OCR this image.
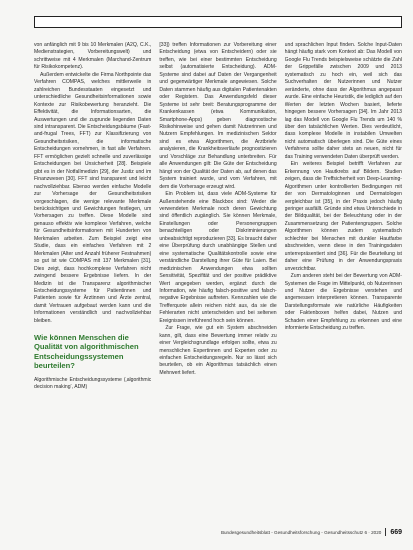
von anfänglich mit 9 bis 10 Merkmalen (A2Q, C.K., Medienstrategien, Vorbereitungswelt) und schrittweise mit 4 Merkmalen (Marchand-Zentrum für Risikokompetenz).

Außerdem entwickelte die Firma Northpointe das Verfahren COMPAS, welches mittlerweile in zahlreichen Bundesstaaten eingesetzt und unterschiedliche Gesundheitsinformationen sowie Kontexte zur Risikobewertung heranzieht. Die Effektivität, die Informationsarten, die Auswertungen und die zugrunde liegenden Daten sind intransparent. Die Entscheidungsbäume (Fast-and-frugal Trees, FFT) zur Klassifizierung von Gesundheitsrisiken, die informatische Entscheidungen vornehmen, in fast alle Verfahren. FFT ermöglichen gezielt schnelle und zuverlässige Entscheidungen bei Unsicherheit [28]. Beispiele gibt es in der Notfallmedizin [29], der Justiz und im Finanzwesen [30]. FFT sind transparent und leicht nachvollziehbar. Ebenso werden einfache Modelle zur Vorhersage der Gesundheitsrisiken vorgeschlagen, die wenige relevante Merkmale berücksichtigen und Gewichtungen festlegen, um Vorhersagen zu treffen. Diese Modelle sind genauso effektiv wie komplexe Verfahren, welche für Gesundheitsinformationen mit Hunderten von Merkmalen arbeiten. Zum Beispiel zeigt eine Studie, dass ein einfaches Verfahren mit 2 Merkmalen (Alter und Anzahl früherer Festnahmen) so gut ist wie COMPAS mit 137 Merkmalen [31]. Dies zeigt, dass hochkomplexe Verfahren nicht zwingend bessere Ergebnisse liefern. In der Medizin ist die Transparenz algorithmischer Entscheidungssysteme für Patientinnen und Patienten sowie für Ärztinnen und Ärzte zentral, damit Vertrauen aufgebaut werden kann und die Informationen verständlich und nachvollziehbar bleiben.

Wie können Menschen die Qualität von algorithmischen Entscheidungssystemen beurteilen?

Algorithmische Entscheidungssysteme (‚algorithmic decision making‘, ADM)

[33]) treffen Informationen zur Vorbereitung einer Entscheidung (etwa von Entscheidern) oder sie treffen, wie bei einer bestimmten Entscheidung selbst (automatisierte Entscheidung). ADM-Systeme sind dabei auf Daten der Vergangenheit und gegenwärtiger Merkmale angewiesen. Solche Daten stammen häufig aus digitalen Patientenakten oder Registern. Das Anwendungsfeld dieser Systeme ist sehr breit: Beratungsprogramme der Krankenkassen (etwa Kommunikation, Smartphone-Apps) geben diagnostische Risikohinweise und gehen damit Nutzerinnen und Nutzern Empfehlungen. Im medizinischen Sektor sind es etwa Algorithmen, die Arztbriefe analysieren, die Krankheitsverläufe prognostizieren und Vorschläge zur Behandlung unterbreiten. Für alle Anwendungen gilt: Die Güte der Entscheidung hängt von der Qualität der Daten ab, auf denen das System trainiert wurde, und vom Verfahren, mit dem die Vorhersage erzeugt wird.

Ein Problem ist, dass viele ADM-Systeme für Außenstehende eine Blackbox sind: Weder die verwendeten Merkmale noch deren Gewichtung sind öffentlich zugänglich. Sie können Merkmale, Einstellungen oder Personengruppen benachteiligen oder Diskriminierungen unbeabsichtigt reproduzieren [33]. Es braucht daher eine Überprüfung durch unabhängige Stellen und eine systematische Qualitätskontrolle sowie eine verständliche Darstellung ihrer Güte für Laien. Bei medizinischen Anwendungen etwa sollten Sensitivität, Spezifität und der positive prädiktive Wert angegeben werden, ergänzt durch die Information, wie häufig falsch-positive und falsch-negative Ergebnisse auftreten. Kennzahlen wie die Trefferquote allein reichen nicht aus, da sie die Fehlerarten nicht unterscheiden und bei seltenen Ereignissen irreführend hoch sein können.

Zur Frage, wie gut ein System abschneiden kann, gilt, dass eine Bewertung immer relativ zu einer Vergleichsgrundlage erfolgen sollte, etwa zu menschlichen Expertinnen und Experten oder zu einfachen Entscheidungsregeln. Nur so lässt sich beurteilen, ob ein Algorithmus tatsächlich einen Mehrwert liefert.

und sprachlichen Input finden. Solche Input-Daten hängt häufig stark vom Kontext ab: Das Modell von Google Flu Trends beispielsweise schätzte die Zahl der Grippefälle zwischen 2009 und 2013 systematisch zu hoch ein, weil sich das Suchverhalten der Nutzerinnen und Nutzer veränderte, ohne dass der Algorithmus angepasst wurde. Eine einfache Heuristik, die lediglich auf den Werten der letzten Wochen basiert, lieferte hingegen bessere Vorhersagen [34]. Im Jahr 2013 lag das Modell von Google Flu Trends um 140 % über den tatsächlichen Werten. Dies verdeutlicht, dass komplexe Modelle in instabilen Umwelten nicht automatisch überlegen sind. Die Güte eines Verfahrens sollte daher stets an neuen, nicht für das Training verwendeten Daten überprüft werden.

Ein weiteres Beispiel betrifft Verfahren zur Erkennung von Hautkrebs auf Bildern. Studien zeigen, dass die Treffsicherheit von Deep-Learning-Algorithmen unter kontrollierten Bedingungen mit der von Dermatologinnen und Dermatologen vergleichbar ist [35], in der Praxis jedoch häufig geringer ausfällt. Gründe sind etwa Unterschiede in der Bildqualität, bei der Beleuchtung oder in der Zusammensetzung der Patientengruppen. Solche Algorithmen können zudem systematisch schlechter bei Menschen mit dunkler Hautfarbe abschneiden, wenn diese in den Trainingsdaten unterrepräsentiert sind [36]. Für die Beurteilung ist daher eine Prüfung in der Anwendungspraxis unverzichtbar.

Zum anderen steht bei der Bewertung von ADM-Systemen die Frage im Mittelpunkt, ob Nutzerinnen und Nutzer die Ergebnisse verstehen und angemessen interpretieren können. Transparente Darstellungsformate wie natürliche Häufigkeiten oder Faktenboxen helfen dabei, Nutzen und Schaden einer Empfehlung zu erkennen und eine informierte Entscheidung zu treffen.

Bundesgesundheitsblatt - Gesundheitsforschung - Gesundheitsschutz 6 · 2020 669
